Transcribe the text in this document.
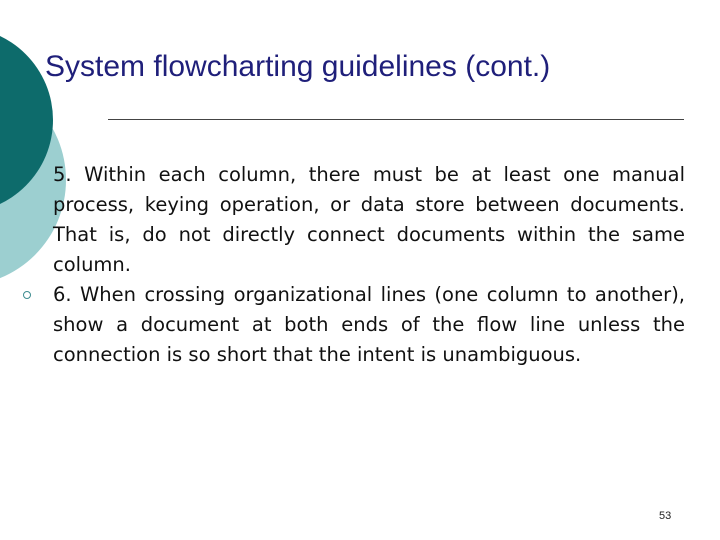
System flowcharting guidelines (cont.)
5. Within each column, there must be at least one manual process, keying operation, or data store between documents. That is, do not directly connect documents within the same column.
6. When crossing organizational lines (one column to another), show a document at both ends of the flow line unless the connection is so short that the intent is unambiguous.
53
